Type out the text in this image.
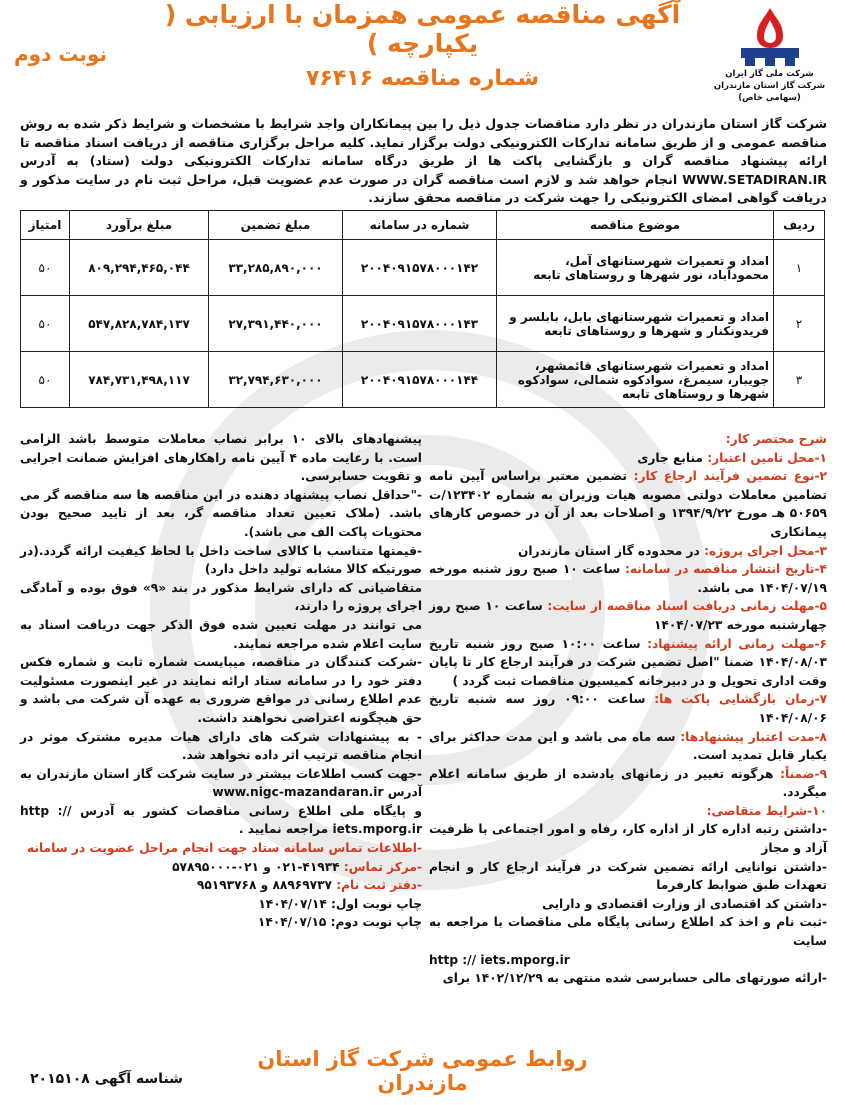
شرکت ملی گاز ایران
شرکت گاز استان مازندران
(سهامی خاص)
آگهی مناقصه عمومی همزمان با ارزیابی ( یکپارچه )
شماره مناقصه ۷۶۴۱۶
نوبت دوم
شرکت گاز استان مازندران در نظر دارد مناقصات جدول ذیل را بین پیمانکاران واجد شرایط با مشخصات و شرایط ذکر شده به روش مناقصه عمومی و از طریق سامانه تدارکات الکترونیکی دولت برگزار نماید. کلیه مراحل برگزاری مناقصه از دریافت اسناد مناقصه تا ارائه پیشنهاد مناقصه گران و بازگشایی پاکت ها از طریق درگاه سامانه تدارکات الکترونیکی دولت (ستاد) به آدرس WWW.SETADIRAN.IR انجام خواهد شد و لازم است مناقصه گران در صورت عدم عضویت قبل، مراحل ثبت نام در سایت مذکور و دریافت گواهی امضای الکترونیکی را جهت شرکت در مناقصه محقق سازند.
ردیف	موضوع مناقصه	شماره در سامانه	مبلغ تضمین	مبلغ برآورد	امتیاز
۱	امداد و تعمیرات شهرستانهای آمل، محمودآباد، نور شهرها و روستاهای تابعه	۲۰۰۴۰۹۱۵۷۸۰۰۰۱۴۲	۳۳,۲۸۵,۸۹۰,۰۰۰	۸۰۹,۲۹۴,۴۶۵,۰۴۴	۵۰
۲	امداد و تعمیرات شهرستانهای بابل، بابلسر و فریدونکنار و شهرها و روستاهای تابعه	۲۰۰۴۰۹۱۵۷۸۰۰۰۱۴۳	۲۷,۳۹۱,۴۴۰,۰۰۰	۵۴۷,۸۲۸,۷۸۴,۱۳۷	۵۰
۳	امداد و تعمیرات شهرستانهای قائمشهر، جویبار، سیمرغ، سوادکوه شمالی، سوادکوه شهرها و روستاهای تابعه	۲۰۰۴۰۹۱۵۷۸۰۰۰۱۴۴	۳۲,۷۹۴,۶۳۰,۰۰۰	۷۸۴,۷۳۱,۴۹۸,۱۱۷	۵۰

شرح مختصر کار:

۱-محل تامین اعتبار: منابع جاری

۲-نوع تضمین فرآیند ارجاع کار: تضمین معتبر براساس آیین نامه تضامین معاملات دولتی مصوبه هیات وزیران به شماره ۱۲۳۴۰۲/ت ۵۰۶۵۹ هـ مورخ ۱۳۹۴/۹/۲۲ و اصلاحات بعد از آن در خصوص کارهای پیمانکاری

۳-محل اجرای پروژه: در محدوده گاز استان مازندران

۴-تاریخ انتشار مناقصه در سامانه: ساعت ۱۰ صبح روز شنبه مورخه ۱۴۰۴/۰۷/۱۹ می باشد.

۵-مهلت زمانی دریافت اسناد مناقصه از سایت: ساعت ۱۰ صبح روز چهارشنبه مورخه ۱۴۰۴/۰۷/۲۳

۶-مهلت زمانی ارائه پیشنهاد: ساعت ۱۰:۰۰ صبح روز شنبه تاریخ ۱۴۰۴/۰۸/۰۳ ضمنا "اصل تضمین شرکت در فرآیند ارجاع کار تا پایان وقت اداری تحویل و در دبیرخانه کمیسیون مناقصات ثبت گردد )

۷-زمان بازگشایی پاکت ها: ساعت ۰۹:۰۰ روز سه شنبه تاریخ ۱۴۰۴/۰۸/۰۶

۸-مدت اعتبار پیشنهادها: سه ماه می باشد و این مدت حداکثر برای یکبار قابل تمدید است.

۹-ضمناً: هرگونه تغییر در زمانهای یادشده از طریق سامانه اعلام میگردد.

۱۰-شرایط متقاضی:

-داشتن رتبه اداره کار از اداره کار، رفاه و امور اجتماعی با ظرفیت آزاد و مجاز

-داشتن توانایی ارائه تضمین شرکت در فرآیند ارجاع کار و انجام تعهدات طبق ضوابط کارفرما

-داشتن کد اقتصادی از وزارت اقتصادی و دارایی

-ثبت نام و اخذ کد اطلاع رسانی پایگاه ملی مناقصات با مراجعه به سایت

http :// iets.mporg.ir

-ارائه صورتهای مالی حسابرسی شده منتهی به ۱۴۰۲/۱۲/۲۹ برای

پیشنهادهای بالای ۱۰ برابر نصاب معاملات متوسط باشد الزامی است. با رعایت ماده ۴ آیین نامه راهکارهای افزایش ضمانت اجرایی و تقویت حسابرسی.

-"حداقل نصاب پیشنهاد دهنده در این مناقصه ها سه مناقصه گر می باشد. (ملاک تعیین تعداد مناقصه گر، بعد از تایید صحیح بودن محتویات پاکت الف می باشد).

-قیمتها متناسب با کالای ساخت داخل با لحاظ کیفیت ارائه گردد.(در صورتیکه کالا مشابه تولید داخل دارد)

متقاضیانی که دارای شرایط مذکور در بند «۹» فوق بوده و آمادگی اجرای پروژه را دارند،

می توانند در مهلت تعیین شده فوق الذکر جهت دریافت اسناد به سایت اعلام شده مراجعه نمایند.

-شرکت کنندگان در مناقصه، میبایست شماره ثابت و شماره فکس دفتر خود را در سامانه ستاد ارائه نمایند در غیر اینصورت مسئولیت عدم اطلاع رسانی در مواقع ضروری به عهده آن شرکت می باشد و حق هیچگونه اعتراضی نخواهند داشت.

- به پیشنهادات شرکت های دارای هیات مدیره مشترک موثر در انجام مناقصه ترتیب اثر داده نخواهد شد.

-جهت کسب اطلاعات بیشتر در سایت شرکت گاز استان مازندران به آدرس www.nigc-mazandaran.ir

و پایگاه ملی اطلاع رسانی مناقصات کشور به آدرس http :// iets.mporg.ir مراجعه نمایید .

-اطلاعات تماس سامانه ستاد جهت انجام مراحل عضویت در سامانه

-مرکز تماس: ۴۱۹۳۴-۰۲۱ و ۰۲۱-۵۷۸۹۵۰۰۰

-دفتر ثبت نام: ۸۸۹۶۹۷۳۷ و ۹۵۱۹۳۷۶۸

چاپ نوبت اول: ۱۴۰۴/۰۷/۱۴

چاپ نوبت دوم: ۱۴۰۴/۰۷/۱۵

روابط عمومی شرکت گاز استان مازندران
شناسه آگهی ۲۰۱۵۱۰۸
